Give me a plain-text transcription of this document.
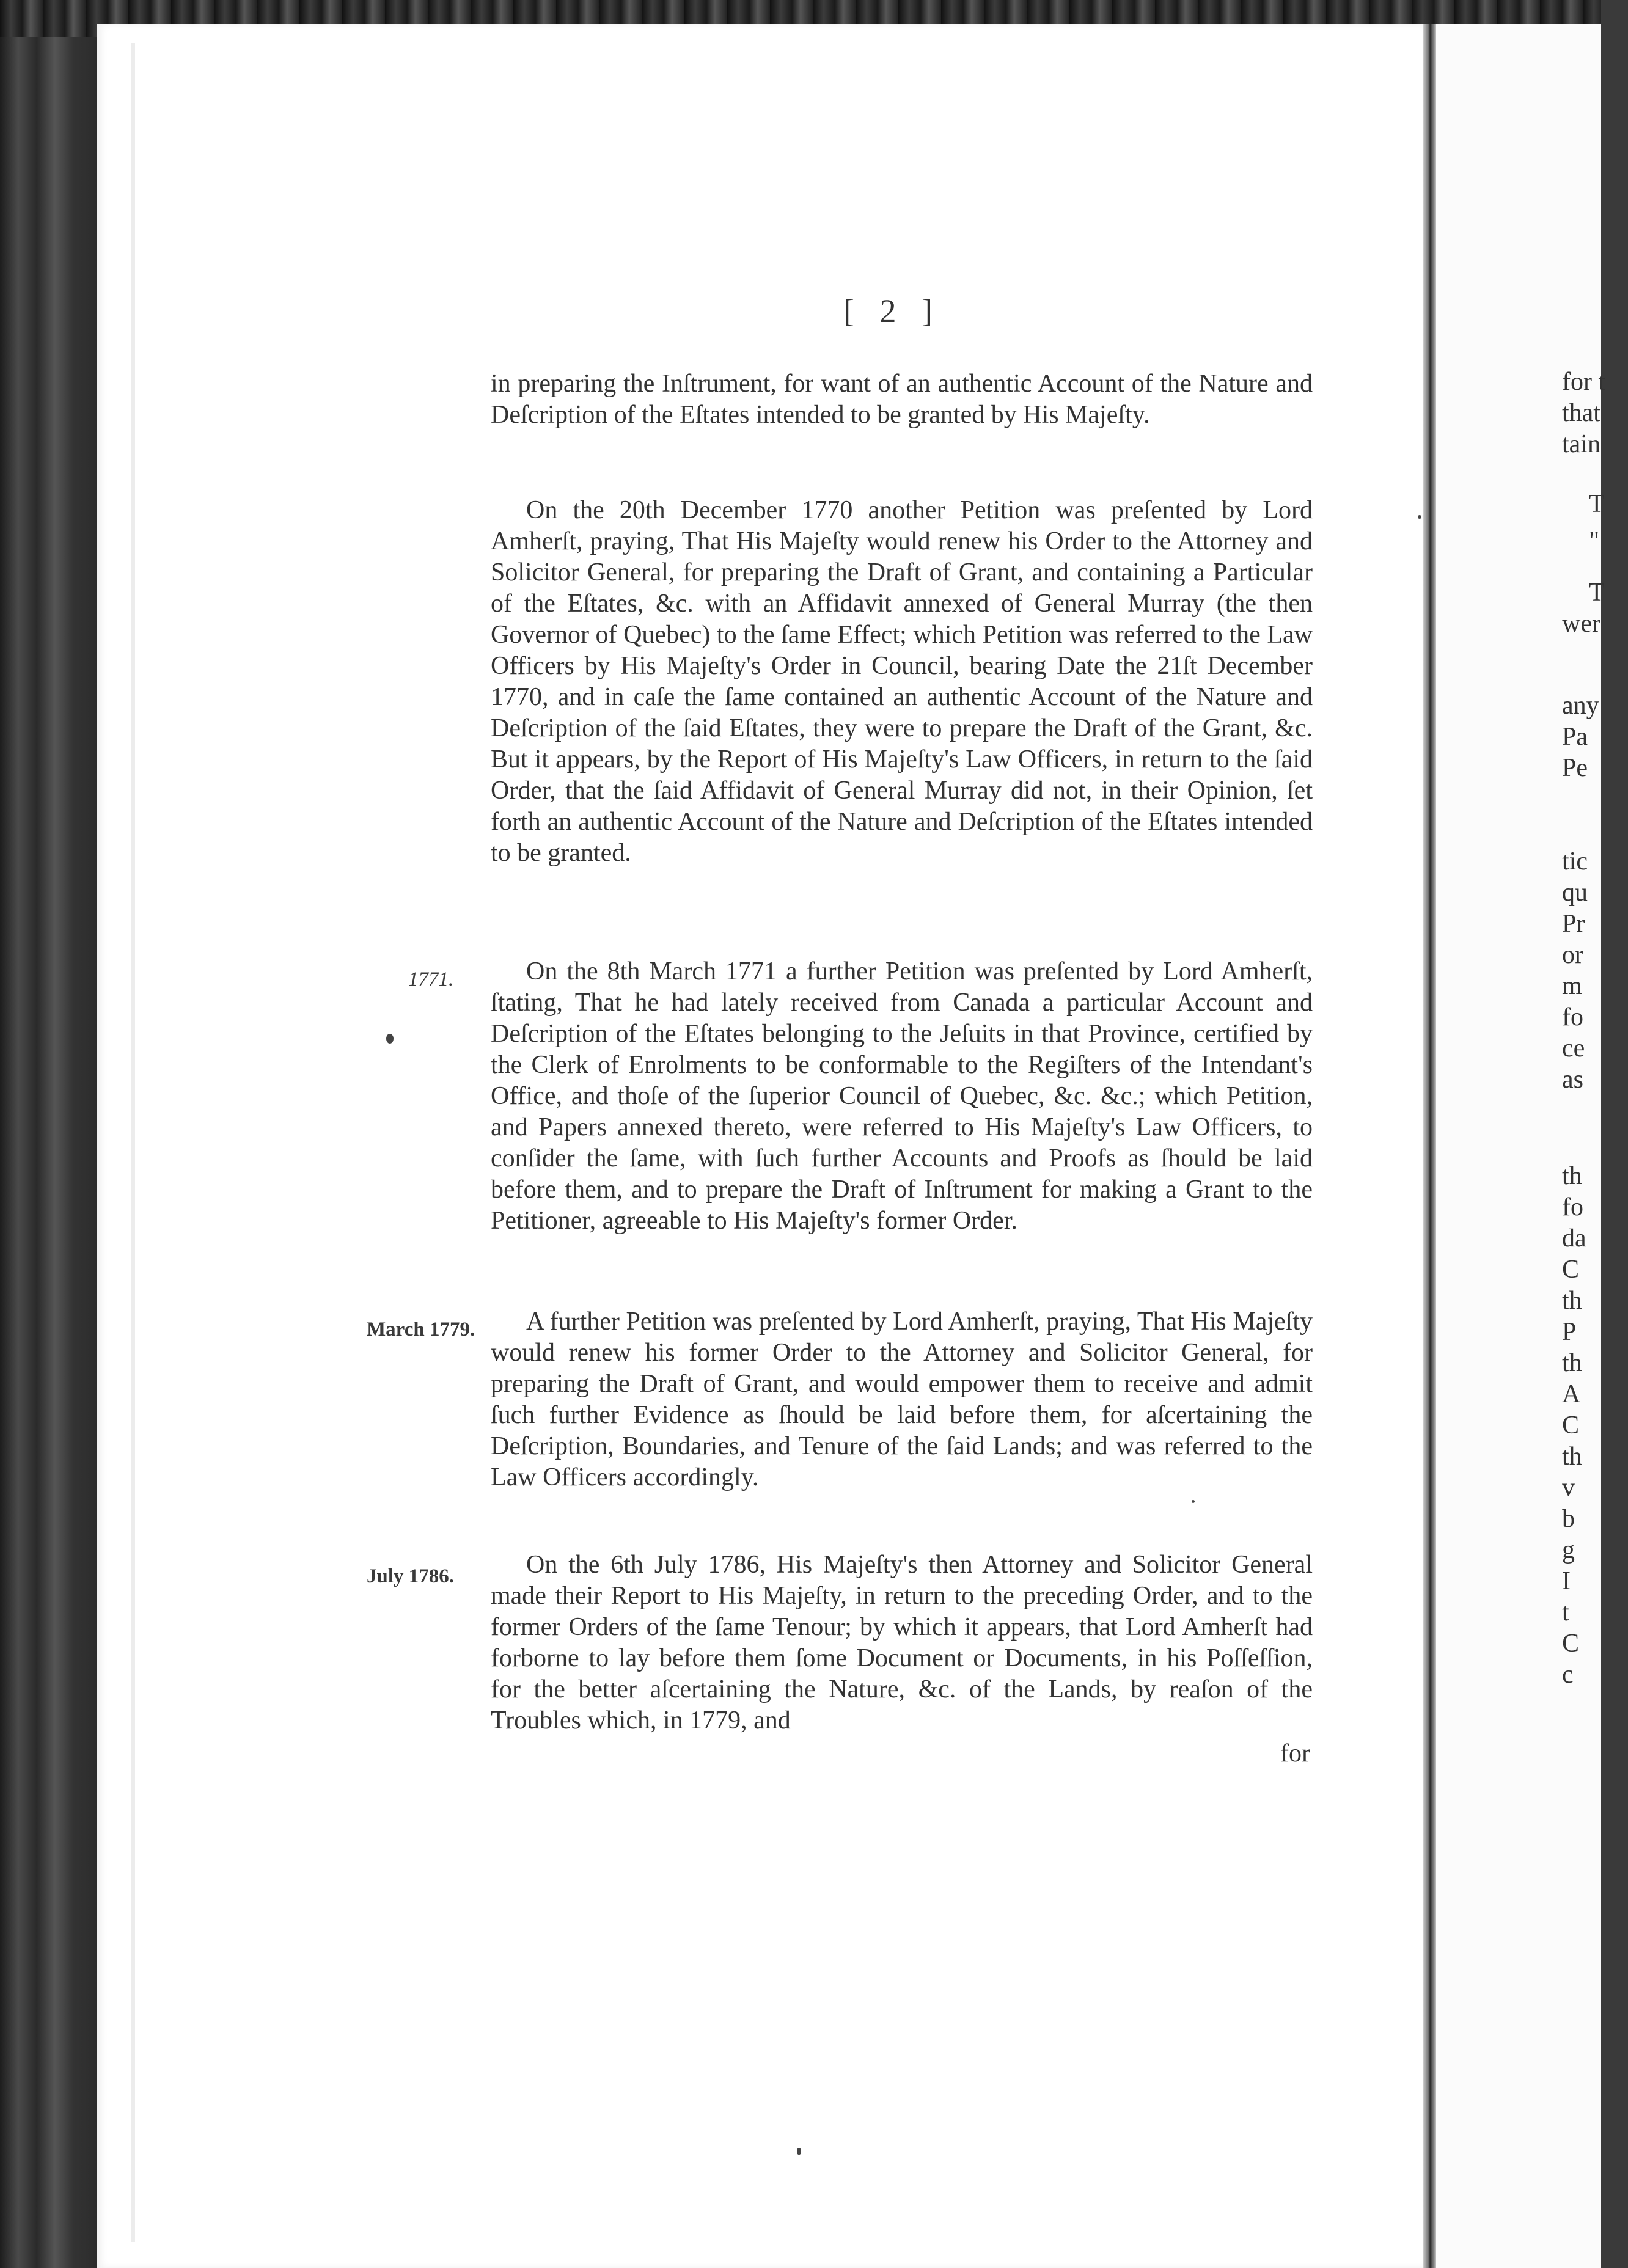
[ 2 ]

in preparing the Inſtrument, for want of an authentic Account of the Nature and Deſcription of the Eſtates intended to be granted by His Majeſty.

On the 20th December 1770 another Petition was preſented by Lord Amherſt, praying, That His Majeſty would renew his Order to the Attorney and Solicitor General, for preparing the Draft of Grant, and containing a Particular of the Eſtates, &c. with an Affidavit annexed of General Murray (the then Governor of Quebec) to the ſame Effect; which Petition was referred to the Law Officers by His Majeſty's Order in Council, bearing Date the 21ſt December 1770, and in caſe the ſame contained an authentic Account of the Nature and Deſcription of the ſaid Eſtates, they were to prepare the Draft of the Grant, &c. But it appears, by the Report of His Majeſty's Law Officers, in return to the ſaid Order, that the ſaid Affidavit of General Murray did not, in their Opinion, ſet forth an authentic Account of the Nature and Deſcription of the Eſtates intended to be granted.

1771.	On the 8th March 1771 a further Petition was preſented by Lord Amherſt, ſtating, That he had lately received from Canada a particular Account and Deſcription of the Eſtates belonging to the Jeſuits in that Province, certified by the Clerk of Enrolments to be conformable to the Regiſters of the Intendant's Office, and thoſe of the ſuperior Council of Quebec, &c. &c.; which Petition, and Papers annexed thereto, were referred to His Majeſty's Law Officers, to conſider the ſame, with ſuch further Accounts and Proofs as ſhould be laid before them, and to prepare the Draft of Inſtrument for making a Grant to the Petitioner, agreeable to His Majeſty's former Order.

March 1779.	A further Petition was preſented by Lord Amherſt, praying, That His Majeſty would renew his former Order to the Attorney and Solicitor General, for preparing the Draft of Grant, and would empower them to receive and admit ſuch further Evidence as ſhould be laid before them, for aſcertaining the Deſcription, Boundaries, and Tenure of the ſaid Lands; and was referred to the Law Officers accordingly.

July 1786.	On the 6th July 1786, His Majeſty's then Attorney and Solicitor General made their Report to His Majeſty, in return to the preceding Order, and to the former Orders of the ſame Tenour; by which it appears, that Lord Amherſt had forborne to lay before them ſome Document or Documents, in his Poſſeſſion, for the better aſcertaining the Nature, &c. of the Lands, by reaſon of the Troubles which, in 1779, and

for
for t
that
tain
T
"
T
wer
any
Pa
Pe
tic
qu
Pr
or
m
fo
ce
as
th
fo
da
C
th
P
th
A
C
th
v
b
g
I
t
C
c
